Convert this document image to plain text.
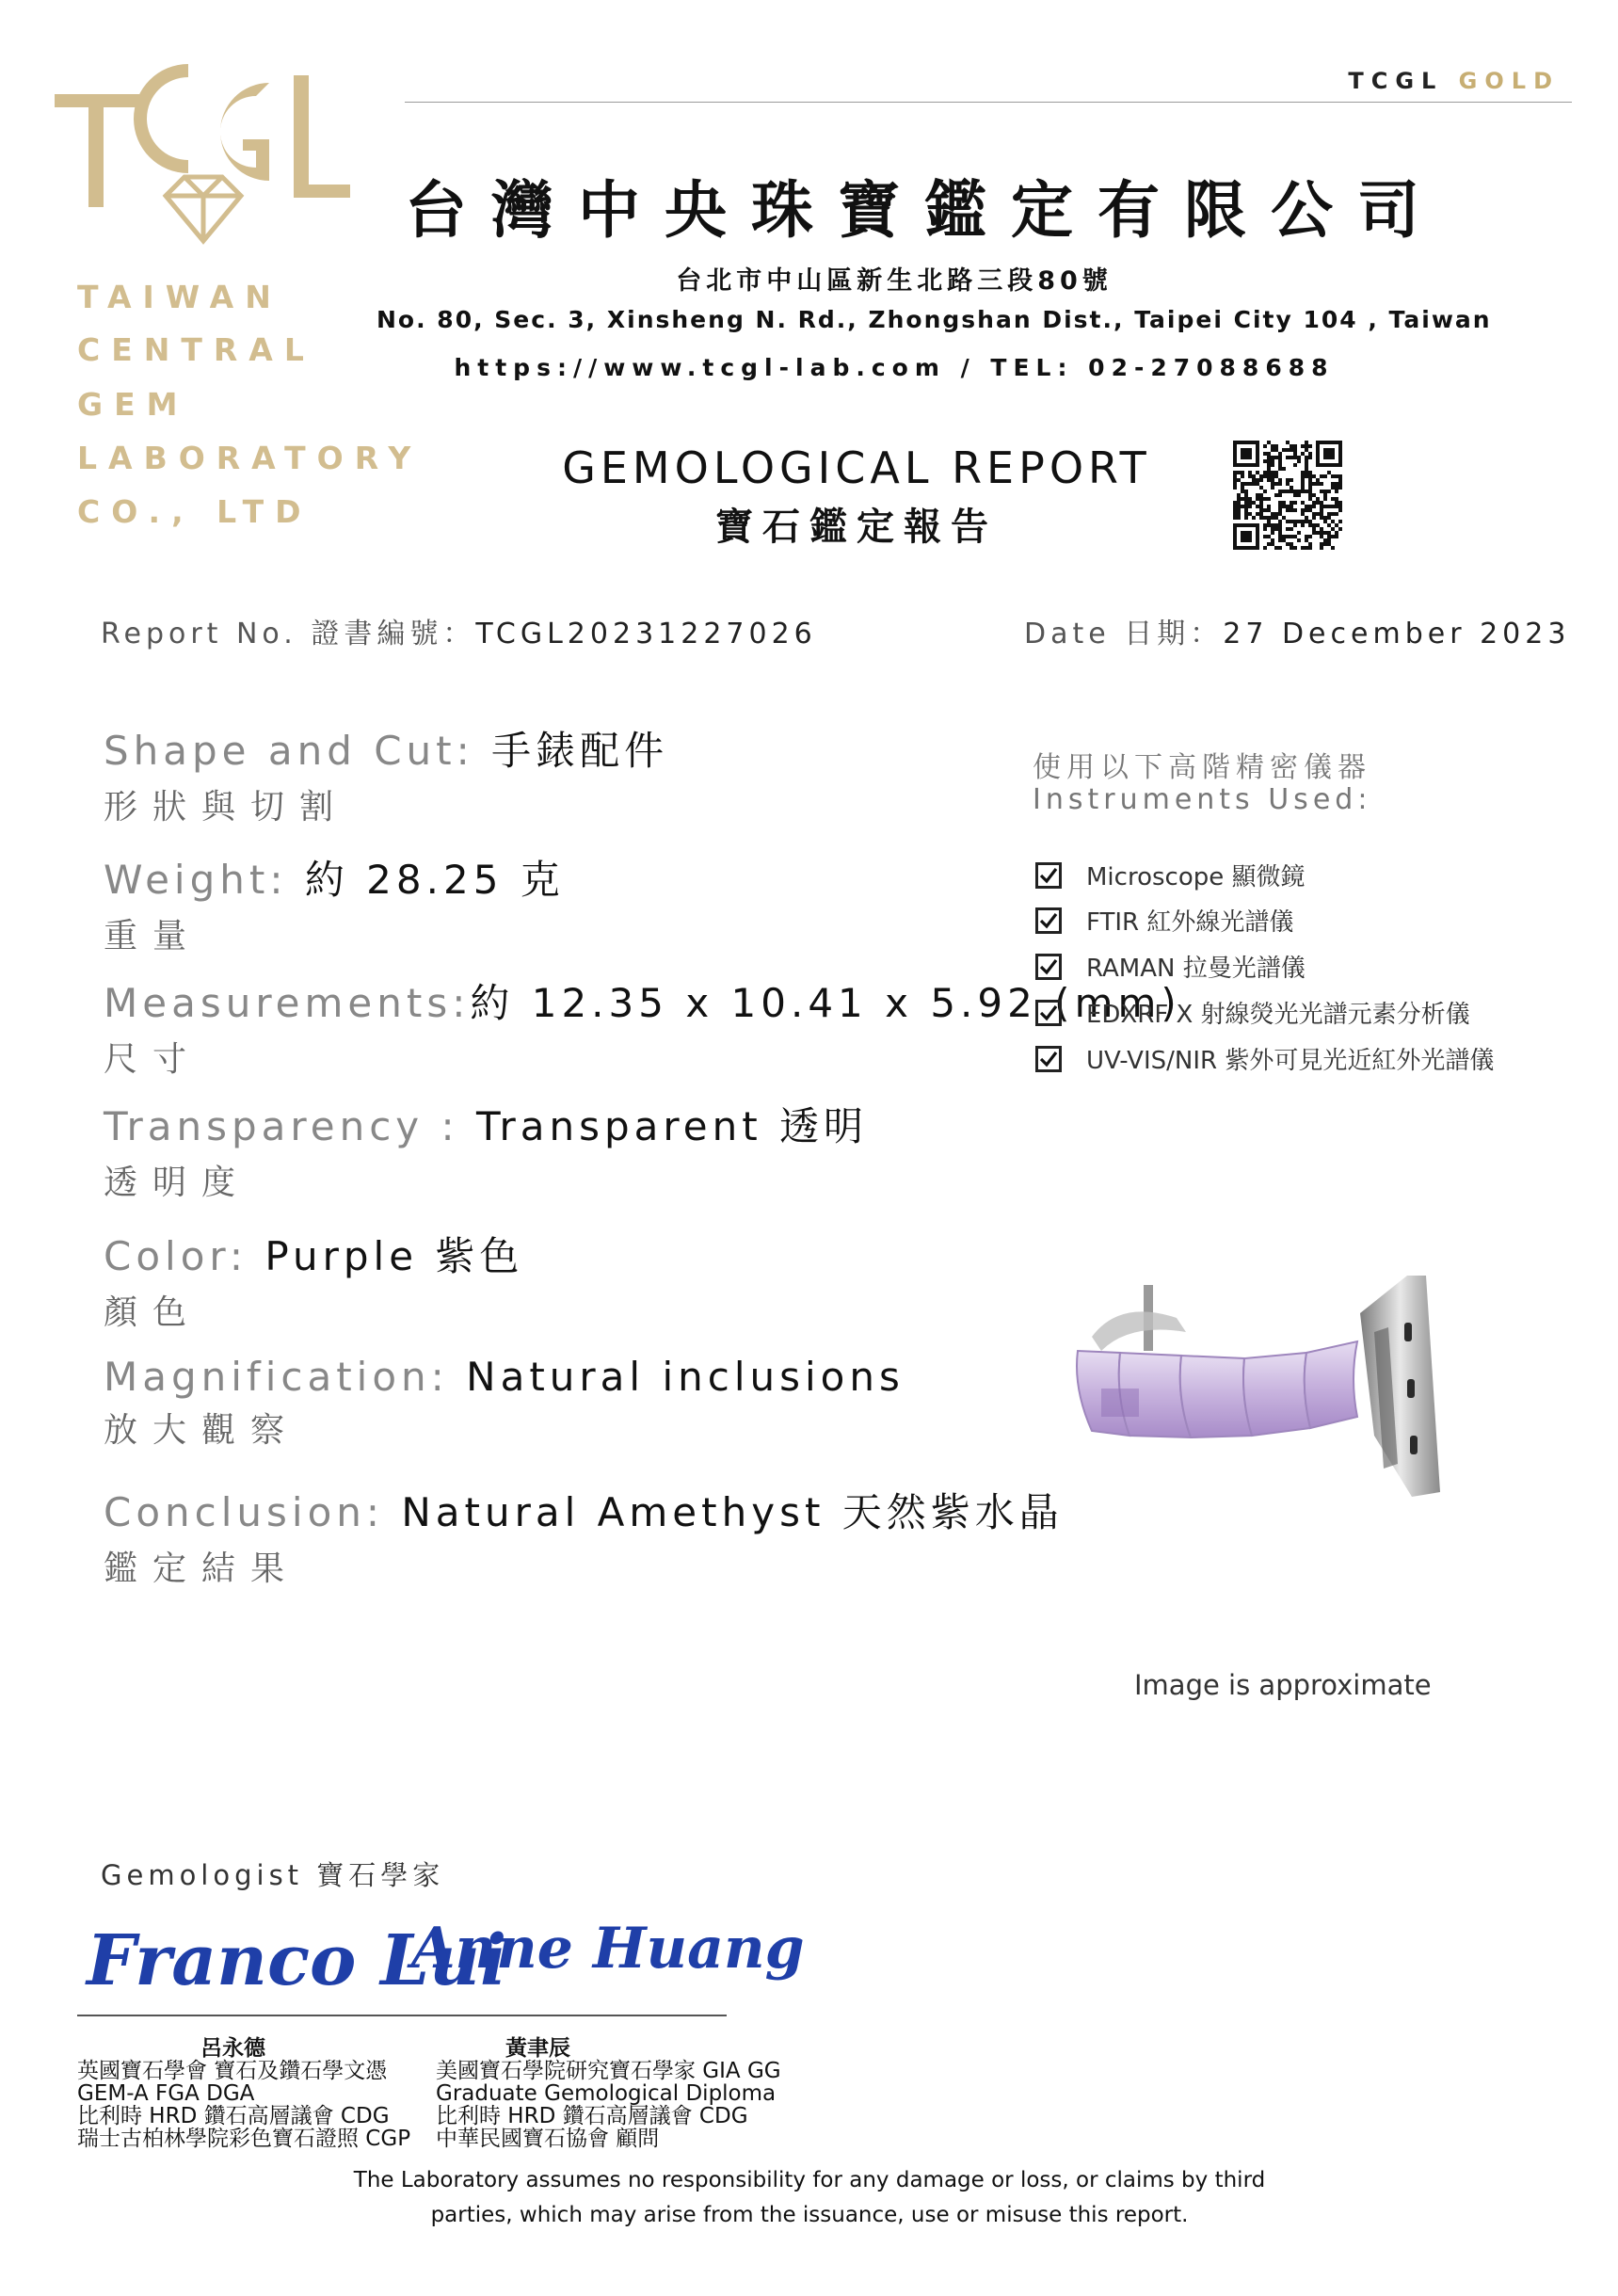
TAIWAN
CENTRAL
GEM
LABORATORY
CO., LTD
TCGL GOLD
台灣中央珠寶鑑定有限公司
台北市中山區新生北路三段80號
No. 80, Sec. 3, Xinsheng N. Rd., Zhongshan Dist., Taipei City 104 , Taiwan
https://www.tcgl-lab.com / TEL: 02-27088688
GEMOLOGICAL REPORT
寶石鑑定報告
Report No. 證書編號：TCGL20231227026	Date 日期：27 December 2023
Shape and Cut: 手錶配件
形狀與切割
Weight: 約 28.25 克
重量
Measurements:約 12.35 x 10.41 x 5.92 (mm)
尺寸
Transparency : Transparent 透明
透明度
Color: Purple 紫色
顏色
Magnification: Natural inclusions
放大觀察
Conclusion: Natural Amethyst 天然紫水晶
鑑定結果
使用以下高階精密儀器
Instruments Used:
Microscope 顯微鏡
FTIR 紅外線光譜儀
RAMAN 拉曼光譜儀
EDXRF X 射線熒光光譜元素分析儀
UV-VIS/NIR 紫外可見光近紅外光譜儀
Image is approximate
Gemologist 寶石學家
Franco Lui
Anne Huang
呂永德	黃聿辰
英國寶石學會 寶石及鑽石學文憑
GEM-A FGA DGA
比利時 HRD 鑽石高層議會 CDG
瑞士古柏林學院彩色寶石證照 CGP
美國寶石學院研究寶石學家 GIA GG
Graduate Gemological Diploma
比利時 HRD 鑽石高層議會 CDG
中華民國寶石協會 顧問
The Laboratory assumes no responsibility for any damage or loss, or claims by third
parties, which may arise from the issuance, use or misuse this report.
